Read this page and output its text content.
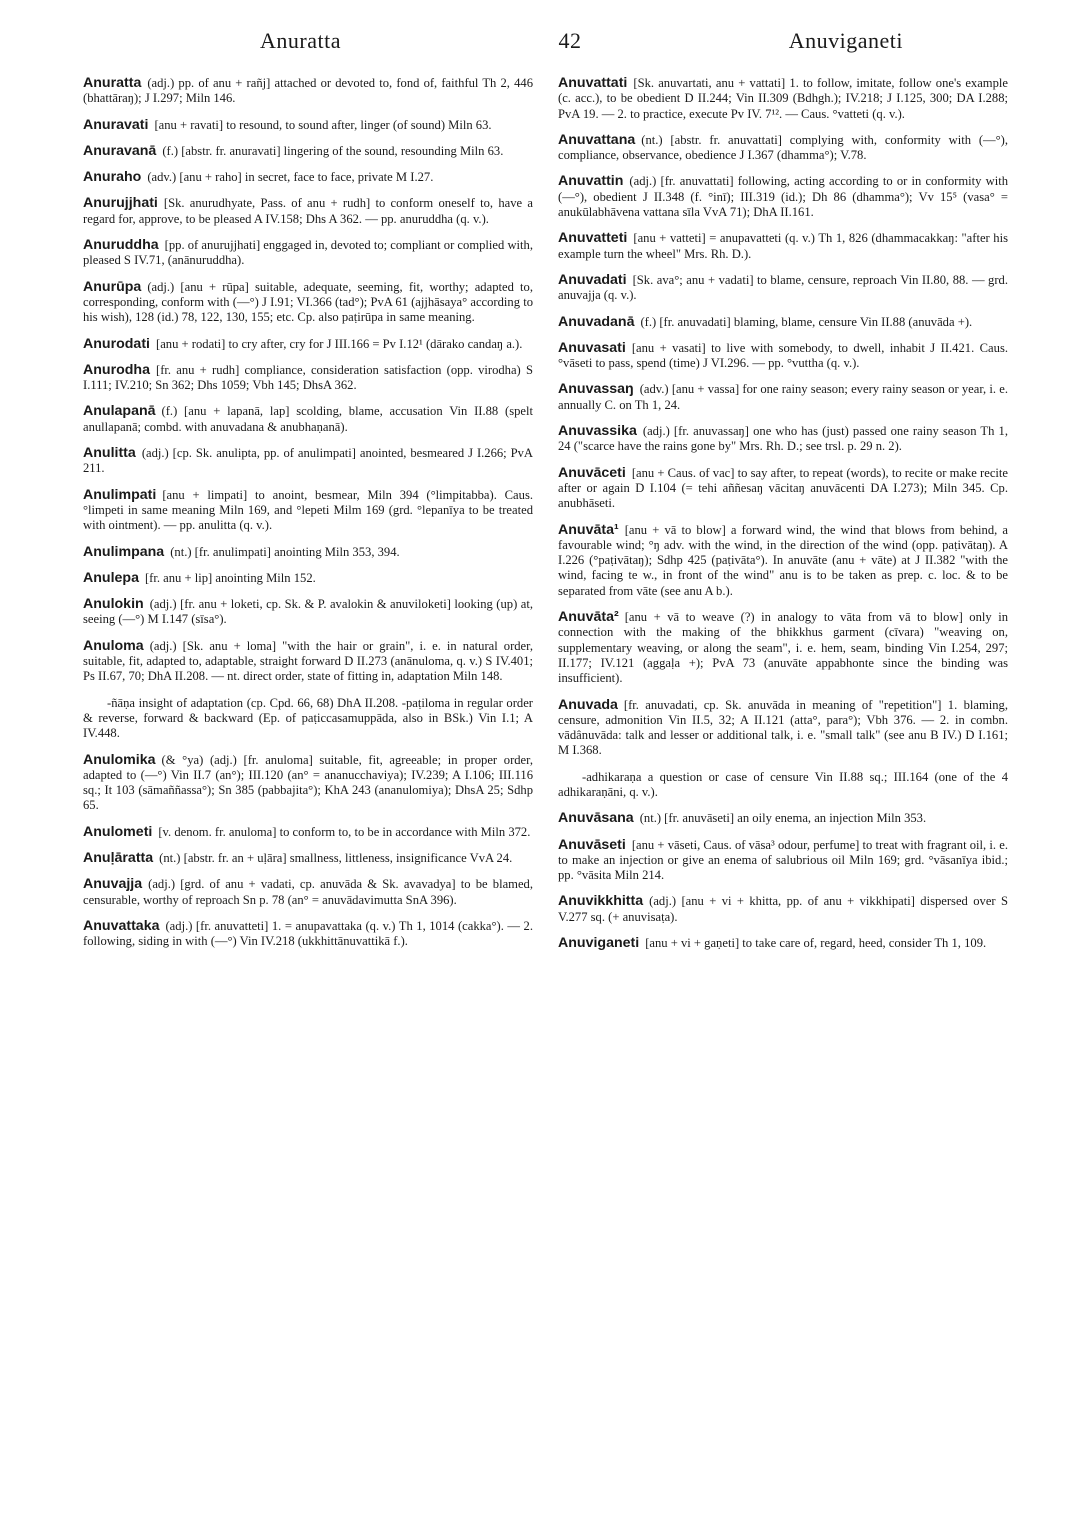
Anuratta	42	Anuviganeti

Anuratta (adj.) pp. of anu + rañj] attached or devoted to, fond of, faithful Th 2, 446 (bhattāraŋ); J I.297; Miln 146.

Anuravati [anu + ravati] to resound, to sound after, linger (of sound) Miln 63.

Anuravanā (f.) [abstr. fr. anuravati] lingering of the sound, resounding Miln 63.

Anuraho (adv.) [anu + raho] in secret, face to face, private M I.27.

Anurujjhati [Sk. anurudhyate, Pass. of anu + rudh] to conform oneself to, have a regard for, approve, to be pleased A IV.158; Dhs A 362. — pp. anuruddha (q. v.).

Anuruddha [pp. of anurujjhati] enggaged in, devoted to; compliant or complied with, pleased S IV.71, (anānuruddha).

Anurūpa (adj.) [anu + rūpa] suitable, adequate, seeming, fit, worthy; adapted to, corresponding, conform with (—°) J I.91; VI.366 (tad°); PvA 61 (ajjhāsaya° according to his wish), 128 (id.) 78, 122, 130, 155; etc. Cp. also paṭirūpa in same meaning.

Anurodati [anu + rodati] to cry after, cry for J III.166 = Pv I.12¹ (dārako candaŋ a.).

Anurodha [fr. anu + rudh] compliance, consideration satisfaction (opp. virodha) S I.111; IV.210; Sn 362; Dhs 1059; Vbh 145; DhsA 362.

Anulapanā (f.) [anu + lapanā, lap] scolding, blame, accusation Vin II.88 (spelt anullapanā; combd. with anuvadana & anubhaṇanā).

Anulitta (adj.) [cp. Sk. anulipta, pp. of anulimpati] anointed, besmeared J I.266; PvA 211.

Anulimpati [anu + limpati] to anoint, besmear, Miln 394 (°limpitabba). Caus. °limpeti in same meaning Miln 169, and °lepeti Milm 169 (grd. °lepanīya to be treated with ointment). — pp. anulitta (q. v.).

Anulimpana (nt.) [fr. anulimpati] anointing Miln 353, 394.

Anulepa [fr. anu + lip] anointing Miln 152.

Anulokin (adj.) [fr. anu + loketi, cp. Sk. & P. avalokin & anuviloketi] looking (up) at, seeing (—°) M I.147 (sīsa°).

Anuloma (adj.) [Sk. anu + loma] "with the hair or grain", i. e. in natural order, suitable, fit, adapted to, adaptable, straight forward D II.273 (anānuloma, q. v.) S IV.401; Ps II.67, 70; DhA II.208. — nt. direct order, state of fitting in, adaptation Miln 148.

-ñāṇa insight of adaptation (cp. Cpd. 66, 68) DhA II.208. -paṭiloma in regular order & reverse, forward & backward (Ep. of paṭiccasamuppāda, also in BSk.) Vin I.1; A IV.448.

Anulomika (& °ya) (adj.) [fr. anuloma] suitable, fit, agreeable; in proper order, adapted to (—°) Vin II.7 (an°); III.120 (an° = ananucchaviya); IV.239; A I.106; III.116 sq.; It 103 (sāmaññassa°); Sn 385 (pabbajita°); KhA 243 (ananulomiya); DhsA 25; Sdhp 65.

Anulometi [v. denom. fr. anuloma] to conform to, to be in accordance with Miln 372.

Anuḷāratta (nt.) [abstr. fr. an + uḷāra] smallness, littleness, insignificance VvA 24.

Anuvajja (adj.) [grd. of anu + vadati, cp. anuvāda & Sk. avavadya] to be blamed, censurable, worthy of reproach Sn p. 78 (an° = anuvādavimutta SnA 396).

Anuvattaka (adj.) [fr. anuvatteti] 1. = anupavattaka (q. v.) Th 1, 1014 (cakka°). — 2. following, siding in with (—°) Vin IV.218 (ukkhittānuvattikā f.).

Anuvattati [Sk. anuvartati, anu + vattati] 1. to follow, imitate, follow one's example (c. acc.), to be obedient D II.244; Vin II.309 (Bdhgh.); IV.218; J I.125, 300; DA I.288; PvA 19. — 2. to practice, execute Pv IV. 7¹². — Caus. °vatteti (q. v.).

Anuvattana (nt.) [abstr. fr. anuvattati] complying with, conformity with (—°), compliance, observance, obedience J I.367 (dhamma°); V.78.

Anuvattin (adj.) [fr. anuvattati] following, acting according to or in conformity with (—°), obedient J II.348 (f. °inī); III.319 (id.); Dh 86 (dhamma°); Vv 15⁵ (vasa° = anukūlabhāvena vattana sīla VvA 71); DhA II.161.

Anuvatteti [anu + vatteti] = anupavatteti (q. v.) Th 1, 826 (dhammacakkaŋ: "after his example turn the wheel" Mrs. Rh. D.).

Anuvadati [Sk. ava°; anu + vadati] to blame, censure, reproach Vin II.80, 88. — grd. anuvajja (q. v.).

Anuvadanā (f.) [fr. anuvadati] blaming, blame, censure Vin II.88 (anuvāda +).

Anuvasati [anu + vasati] to live with somebody, to dwell, inhabit J II.421. Caus. °vāseti to pass, spend (time) J VI.296. — pp. °vuttha (q. v.).

Anuvassaŋ (adv.) [anu + vassa] for one rainy season; every rainy season or year, i. e. annually C. on Th 1, 24.

Anuvassika (adj.) [fr. anuvassaŋ] one who has (just) passed one rainy season Th 1, 24 ("scarce have the rains gone by" Mrs. Rh. D.; see trsl. p. 29 n. 2).

Anuvāceti [anu + Caus. of vac] to say after, to repeat (words), to recite or make recite after or again D I.104 (= tehi aññesaŋ vācitaŋ anuvācenti DA I.273); Miln 345. Cp. anubhāseti.

Anuvāta¹ [anu + vā to blow] a forward wind, the wind that blows from behind, a favourable wind; °ŋ adv. with the wind, in the direction of the wind (opp. paṭivātaŋ). A I.226 (°paṭivātaŋ); Sdhp 425 (paṭivāta°). In anuvāte (anu + vāte) at J II.382 "with the wind, facing te w., in front of the wind" anu is to be taken as prep. c. loc. & to be separated from vāte (see anu A b.).

Anuvāta² [anu + vā to weave (?) in analogy to vāta from vā to blow] only in connection with the making of the bhikkhus garment (cīvara) "weaving on, supplementary weaving, or along the seam", i. e. hem, seam, binding Vin I.254, 297; II.177; IV.121 (aggaḷa +); PvA 73 (anuvāte appabhonte since the binding was insufficient).

Anuvada [fr. anuvadati, cp. Sk. anuvāda in meaning of "repetition"] 1. blaming, censure, admonition Vin II.5, 32; A II.121 (atta°, para°); Vbh 376. — 2. in combn. vādânuvāda: talk and lesser or additional talk, i. e. "small talk" (see anu B IV.) D I.161; M I.368.

-adhikaraṇa a question or case of censure Vin II.88 sq.; III.164 (one of the 4 adhikaraṇāni, q. v.).

Anuvāsana (nt.) [fr. anuvāseti] an oily enema, an injection Miln 353.

Anuvāseti [anu + vāseti, Caus. of vāsa³ odour, perfume] to treat with fragrant oil, i. e. to make an injection or give an enema of salubrious oil Miln 169; grd. °vāsanīya ibid.; pp. °vāsita Miln 214.

Anuvikkhitta (adj.) [anu + vi + khitta, pp. of anu + vikkhipati] dispersed over S V.277 sq. (+ anuvisaṭa).

Anuviganeti [anu + vi + gaṇeti] to take care of, regard, heed, consider Th 1, 109.
